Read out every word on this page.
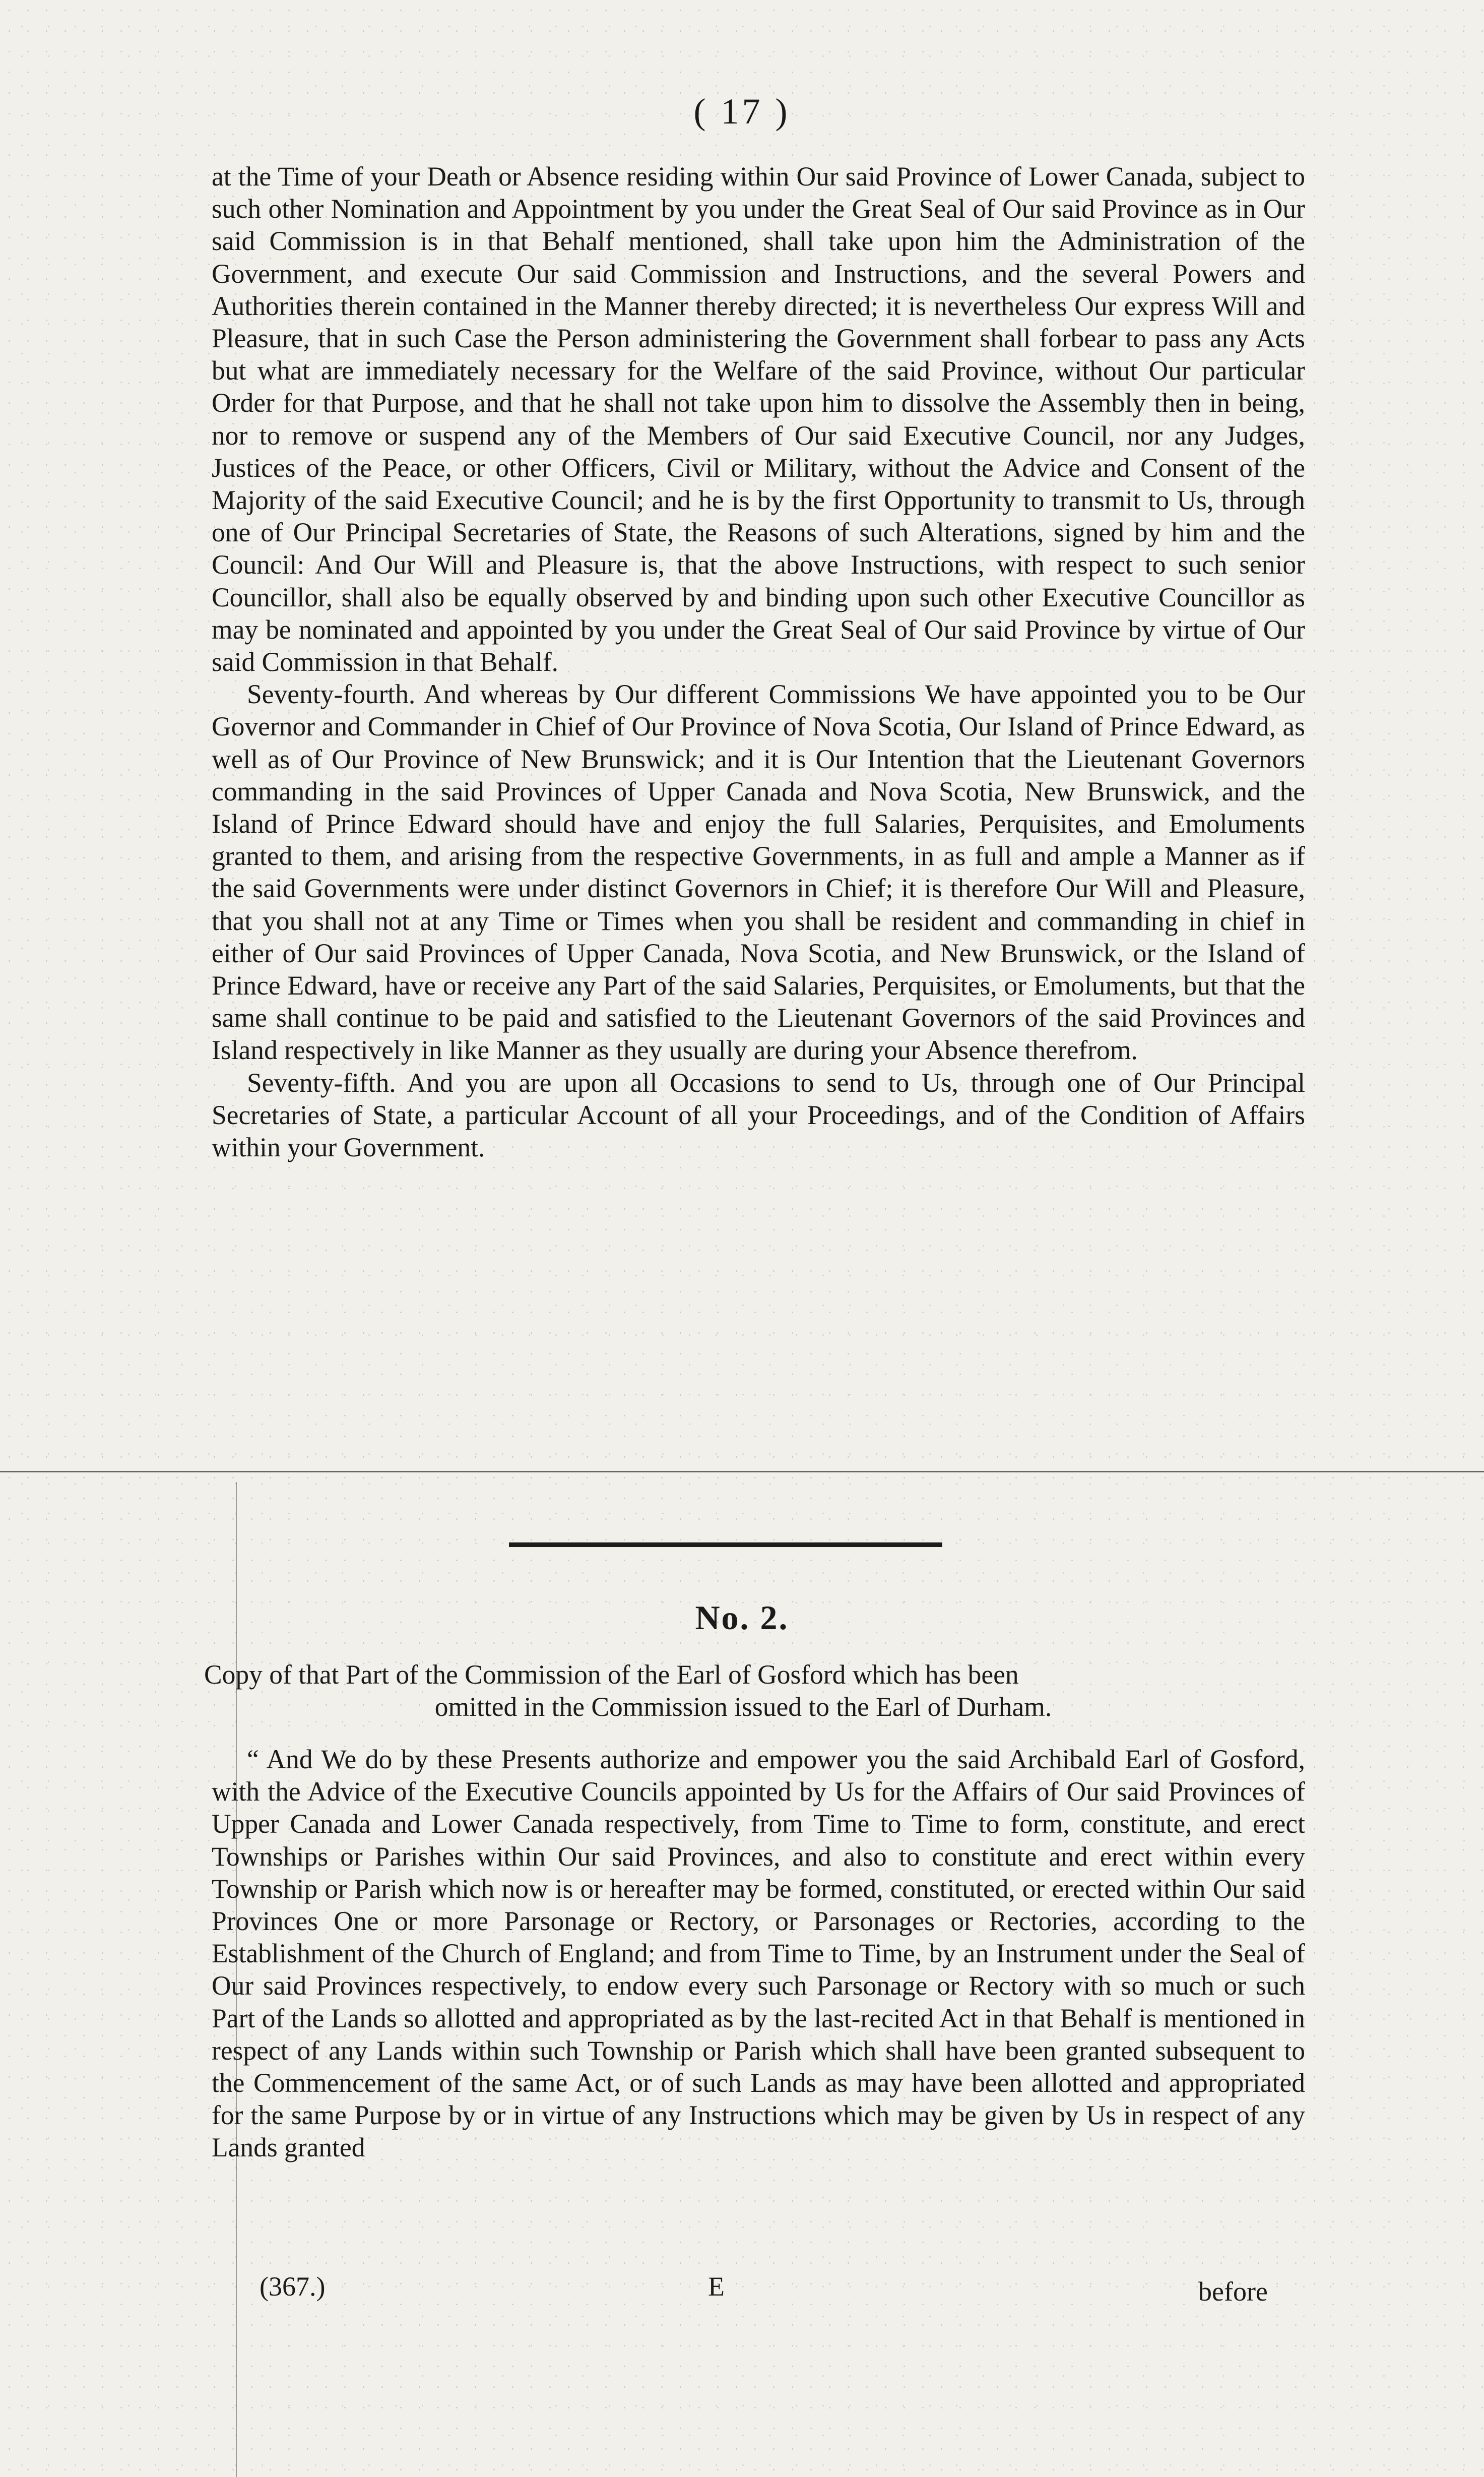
( 17 )

at the Time of your Death or Absence residing within Our said Province of Lower Canada, subject to such other Nomination and Appointment by you under the Great Seal of Our said Province as in Our said Commission is in that Behalf mentioned, shall take upon him the Administration of the Government, and execute Our said Commission and Instructions, and the several Powers and Authorities therein contained in the Manner thereby directed; it is nevertheless Our express Will and Pleasure, that in such Case the Person administering the Government shall forbear to pass any Acts but what are immediately necessary for the Welfare of the said Province, without Our particular Order for that Purpose, and that he shall not take upon him to dissolve the Assembly then in being, nor to remove or suspend any of the Members of Our said Executive Council, nor any Judges, Justices of the Peace, or other Officers, Civil or Military, without the Advice and Consent of the Majority of the said Executive Council; and he is by the first Opportunity to transmit to Us, through one of Our Principal Secretaries of State, the Reasons of such Alterations, signed by him and the Council: And Our Will and Pleasure is, that the above Instructions, with respect to such senior Councillor, shall also be equally observed by and binding upon such other Executive Councillor as may be nominated and appointed by you under the Great Seal of Our said Province by virtue of Our said Commission in that Behalf.

Seventy-fourth. And whereas by Our different Commissions We have appointed you to be Our Governor and Commander in Chief of Our Province of Nova Scotia, Our Island of Prince Edward, as well as of Our Province of New Brunswick; and it is Our Intention that the Lieutenant Governors commanding in the said Provinces of Upper Canada and Nova Scotia, New Brunswick, and the Island of Prince Edward should have and enjoy the full Salaries, Perquisites, and Emoluments granted to them, and arising from the respective Governments, in as full and ample a Manner as if the said Governments were under distinct Governors in Chief; it is therefore Our Will and Pleasure, that you shall not at any Time or Times when you shall be resident and commanding in chief in either of Our said Provinces of Upper Canada, Nova Scotia, and New Brunswick, or the Island of Prince Edward, have or receive any Part of the said Salaries, Perquisites, or Emoluments, but that the same shall continue to be paid and satisfied to the Lieutenant Governors of the said Provinces and Island respectively in like Manner as they usually are during your Absence therefrom.

Seventy-fifth. And you are upon all Occasions to send to Us, through one of Our Principal Secretaries of State, a particular Account of all your Proceedings, and of the Condition of Affairs within your Government.

No. 2.
Copy of that Part of the Commission of the Earl of Gosford which has been
omitted in the Commission issued to the Earl of Durham.

“ And We do by these Presents authorize and empower you the said Archibald Earl of Gosford, with the Advice of the Executive Councils appointed by Us for the Affairs of Our said Provinces of Upper Canada and Lower Canada respectively, from Time to Time to form, constitute, and erect Townships or Parishes within Our said Provinces, and also to constitute and erect within every Township or Parish which now is or hereafter may be formed, constituted, or erected within Our said Provinces One or more Parsonage or Rectory, or Parsonages or Rectories, according to the Establishment of the Church of England; and from Time to Time, by an Instrument under the Seal of Our said Provinces respectively, to endow every such Parsonage or Rectory with so much or such Part of the Lands so allotted and appropriated as by the last-recited Act in that Behalf is mentioned in respect of any Lands within such Township or Parish which shall have been granted subsequent to the Commencement of the same Act, or of such Lands as may have been allotted and appropriated for the same Purpose by or in virtue of any Instructions which may be given by Us in respect of any Lands granted

(367.)	E	before
